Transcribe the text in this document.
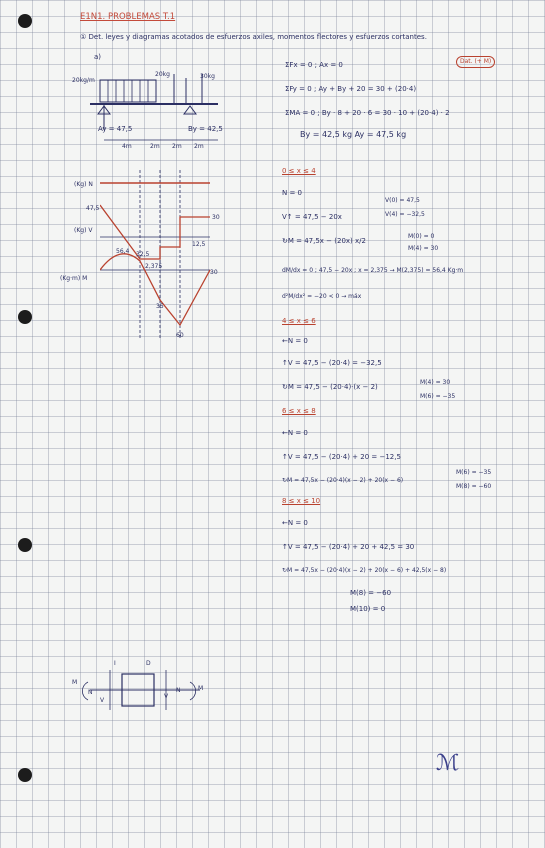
E1N1. PROBLEMAS T.1
① Det. leyes y diagramas acotados de esfuerzos axiles, momentos flectores y esfuerzos cortantes.
a)
Dat. (+ M)
ΣFx = 0 ; Ax = 0
ΣFy = 0 ; Ay + By + 20 = 30 + (20·4)
ΣMA = 0 ; By · 8 + 20 · 6 = 30 · 10 + (20·4) · 2
By = 42,5 kg Ay = 47,5 kg
20kg/m
20kg	30kg
Ay = 47,5	By = 42,5
4m	2m 2m 2m
(Kg) N
(Kg) V
(Kg·m) M
47,5
30
12,5
32,5
56,4
2,375
30
35
60
0 ≤ x ≤ 4
N = 0
V↑ = 47,5 − 20x
V(0) = 47,5
V(4) = −32,5
↻M = 47,5x − (20x) x/2
M(0) = 0
M(4) = 30
dM/dx = 0 ; 47,5 − 20x ; x = 2,375 → M(2,375) = 56,4 Kg·m
d²M/dx² = −20 < 0 → máx
4 ≤ x ≤ 6
←N = 0
↑V = 47,5 − (20·4) = −32,5
↻M = 47,5 − (20·4)·(x − 2)
M(4) = 30
M(6) = −35
6 ≤ x ≤ 8
←N = 0
↑V = 47,5 − (20·4) + 20 = −12,5
↻M = 47,5x − (20·4)(x − 2) + 20(x − 6)
M(6) = −35
M(8) = −60
8 ≤ x ≤ 10
←N = 0
↑V = 47,5 − (20·4) + 20 + 42,5 = 30
↻M = 47,5x − (20·4)(x − 2) + 20(x − 6) + 42,5(x − 8)
M(8) = −60
M(10) = 0
I	D
M
N
V
V
N	M
ℳ
